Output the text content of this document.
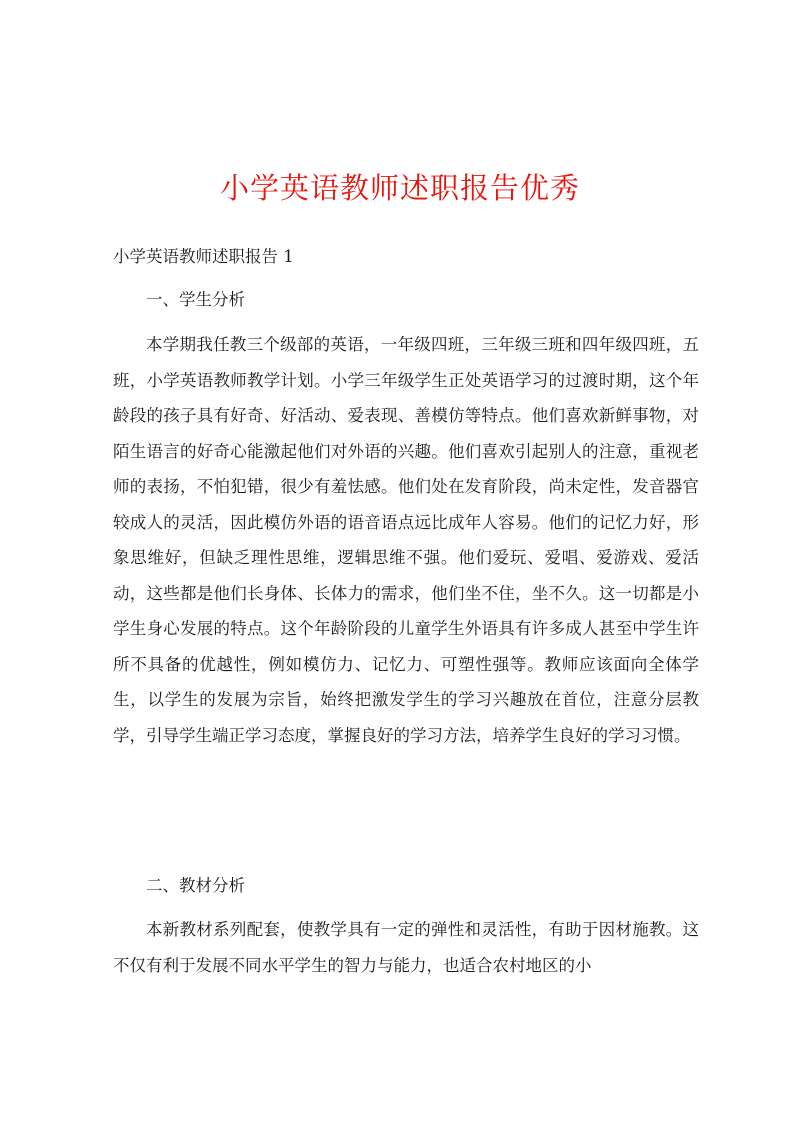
小学英语教师述职报告优秀

小学英语教师述职报告 1

一、学生分析

本学期我任教三个级部的英语，一年级四班，三年级三班和四年级四班，五班，小学英语教师教学计划。小学三年级学生正处英语学习的过渡时期，这个年龄段的孩子具有好奇、好活动、爱表现、善模仿等特点。他们喜欢新鲜事物，对陌生语言的好奇心能激起他们对外语的兴趣。他们喜欢引起别人的注意，重视老师的表扬，不怕犯错，很少有羞怯感。他们处在发育阶段，尚未定性，发音器官较成人的灵活，因此模仿外语的语音语点远比成年人容易。他们的记忆力好，形象思维好，但缺乏理性思维，逻辑思维不强。他们爱玩、爱唱、爱游戏、爱活动，这些都是他们长身体、长体力的需求，他们坐不住，坐不久。这一切都是小学生身心发展的特点。这个年龄阶段的儿童学生外语具有许多成人甚至中学生许所不具备的优越性，例如模仿力、记忆力、可塑性强等。教师应该面向全体学生，以学生的发展为宗旨，始终把激发学生的学习兴趣放在首位，注意分层教学，引导学生端正学习态度，掌握良好的学习方法，培养学生良好的学习习惯。

二、教材分析

本新教材系列配套，使教学具有一定的弹性和灵活性，有助于因材施教。这不仅有利于发展不同水平学生的智力与能力，也适合农村地区的小
